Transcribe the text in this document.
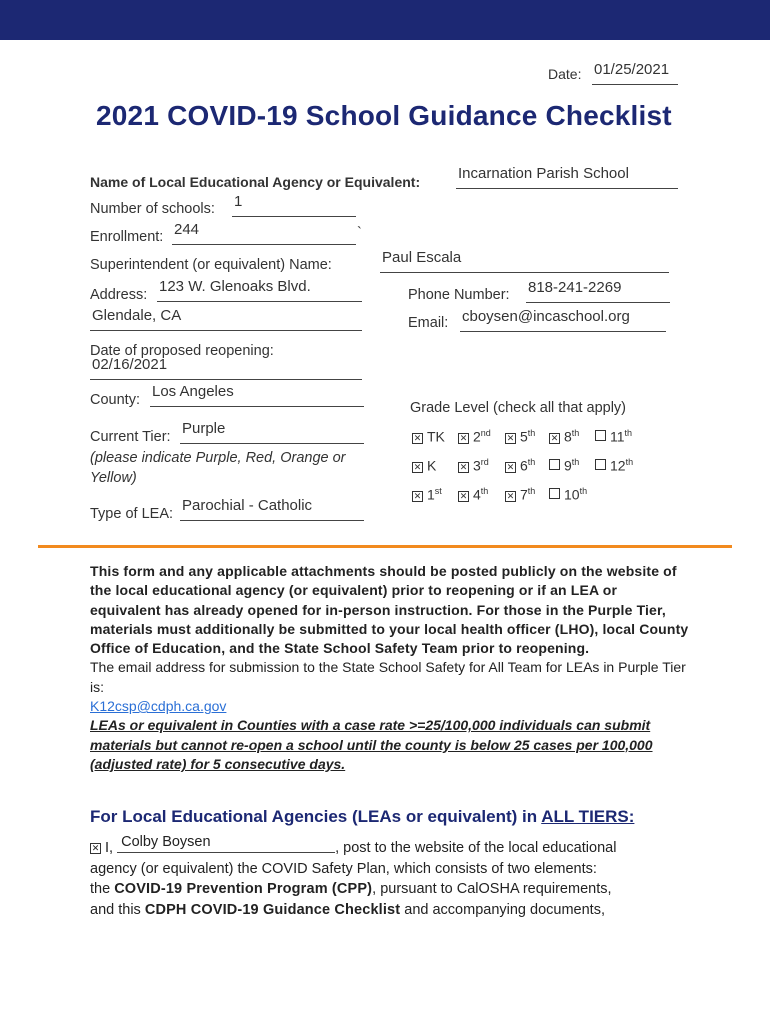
Date: 01/25/2021
2021 COVID-19 School Guidance Checklist
Name of Local Educational Agency or Equivalent:	Incarnation Parish School
Number of schools: 1
Enrollment: 244	`
Superintendent (or equivalent) Name:	Paul Escala
Address: 123 W. Glenoaks Blvd.
Glendale, CA
Phone Number: 818-241-2269
Email: cboysen@incaschool.org
Date of proposed reopening:
02/16/2021
County: Los Angeles
Grade Level (check all that apply)
Current Tier: Purple
(please indicate Purple, Red, Orange or Yellow)
Type of LEA: Parochial - Catholic
✕ TK ✕ 2nd ✕ 5th ✕ 8th	11th
✕ K	✕ 3rd ✕ 6th	9th	12th
✕ 1st ✕ 4th ✕ 7th	10th
This form and any applicable attachments should be posted publicly on the website of the local educational agency (or equivalent) prior to reopening or if an LEA or equivalent has already opened for in-person instruction. For those in the Purple Tier, materials must additionally be submitted to your local health officer (LHO), local County Office of Education, and the State School Safety Team prior to reopening.
The email address for submission to the State School Safety for All Team for LEAs in Purple Tier is:
K12csp@cdph.ca.gov
LEAs or equivalent in Counties with a case rate >=25/100,000 individuals can submit materials but cannot re-open a school until the county is below 25 cases per 100,000 (adjusted rate) for 5 consecutive days.
For Local Educational Agencies (LEAs or equivalent) in ALL TIERS:
✕ I, Colby Boysen	, post to the website of the local educational
agency (or equivalent) the COVID Safety Plan, which consists of two elements:
the COVID-19 Prevention Program (CPP), pursuant to CalOSHA requirements,
and this CDPH COVID-19 Guidance Checklist and accompanying documents,
